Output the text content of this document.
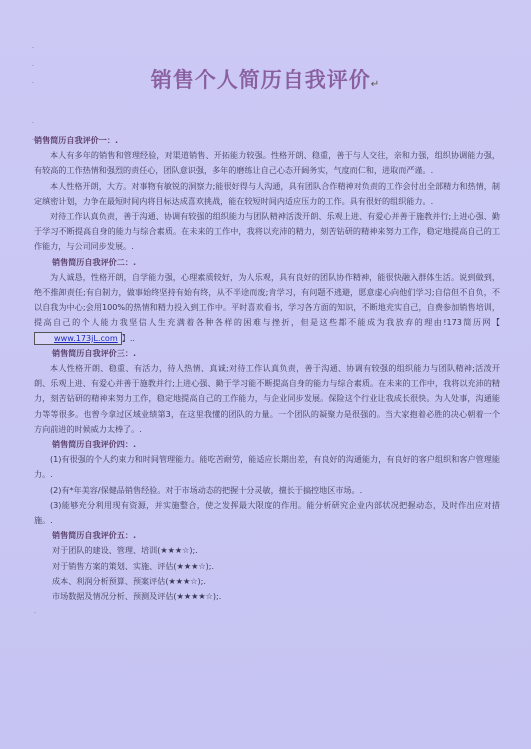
.
.
.
.
.
销售个人简历自我评价↵

销售简历自我评价一：.

本人有多年的销售和管理经验，对渠道销售、开拓能力较强。性格开朗、稳重，善于与人交往，亲和力强，组织协调能力强，有较高的工作热情和强烈的责任心，团队意识强，多年的磨练让自己心态开阔务实，气度而仁和，进取而严谨。.

本人性格开朗，大方。对事物有敏锐的洞察力;能很好得与人沟通，具有团队合作精神对负责的工作会付出全部精力和热情，制定缜密计划，力争在最短时间内将目标达成喜欢挑战，能在较短时间内适应压力的工作。具有很好的组织能力。.

对待工作认真负责，善于沟通、协调有较强的组织能力与团队精神活泼开朗、乐观上进、有爱心并善于施教并行;上进心强、勤于学习不断提高自身的能力与综合素质。在未来的工作中，我将以充沛的精力，刻苦钻研的精神来努力工作，稳定地提高自己的工作能力，与公司同步发展。.

销售简历自我评价二：.

为人诚恳，性格开朗，自学能力强，心理素质较好，为人乐观，具有良好的团队协作精神，能很快融入群体生活。说到做到，绝不推卸责任;有自制力，做事始终坚持有始有终，从不半途而废;肯学习，有问题不逃避，愿意虚心向他们学习;自信但不自负，不以自我为中心;会用100%的热情和精力投入到工作中。平时喜欢看书，学习各方面的知识，不断地充实自己，自费参加销售培训，提高自己的个人能力我坚信人生充满着各种各样的困难与挫折，但是这些都不能成为我放弃的理由!173简历网【www.173jL.com 】..

销售简历自我评价三：.

本人性格开朗、稳重、有活力，待人热情、真诚;对待工作认真负责，善于沟通、协调有较强的组织能力与团队精神;活泼开朗、乐观上进、有爱心并善于施教并行;上进心强、勤于学习能不断提高自身的能力与综合素质。在未来的工作中，我将以充沛的精力，刻苦钻研的精神来努力工作，稳定地提高自己的工作能力，与企业同步发展。保险这个行业让我成长很快。为人处事，沟通能力等等很多。也曾今拿过区域业绩第3，在这里我懂的团队的力量。一个团队的凝聚力是很强的。当大家抱着必胜的决心朝着一个方向前进的时候威力太棒了。.

销售简历自我评价四：.

(1)有很强的个人约束力和时间管理能力。能吃苦耐劳，能适应长期出差，有良好的沟通能力，有良好的客户组织和客户管理能力。.

(2)有*年美容/保健品销售经验。对于市场动态的把握十分灵敏，擅长于搞控地区市场。.

(3)能够充分利用现有资源，并实施整合，使之发挥最大限度的作用。能分析研究企业内部状况把握动态，及时作出应对措施。.

销售简历自我评价五：.

对于团队的建设、管理、培训(★★★☆);.

对于销售方案的策划、实施、评估(★★★☆);.

成本、利润分析预算、预案评估(★★★☆);.

市场数据及情况分析、预测及评估(★★★★☆);.

.
